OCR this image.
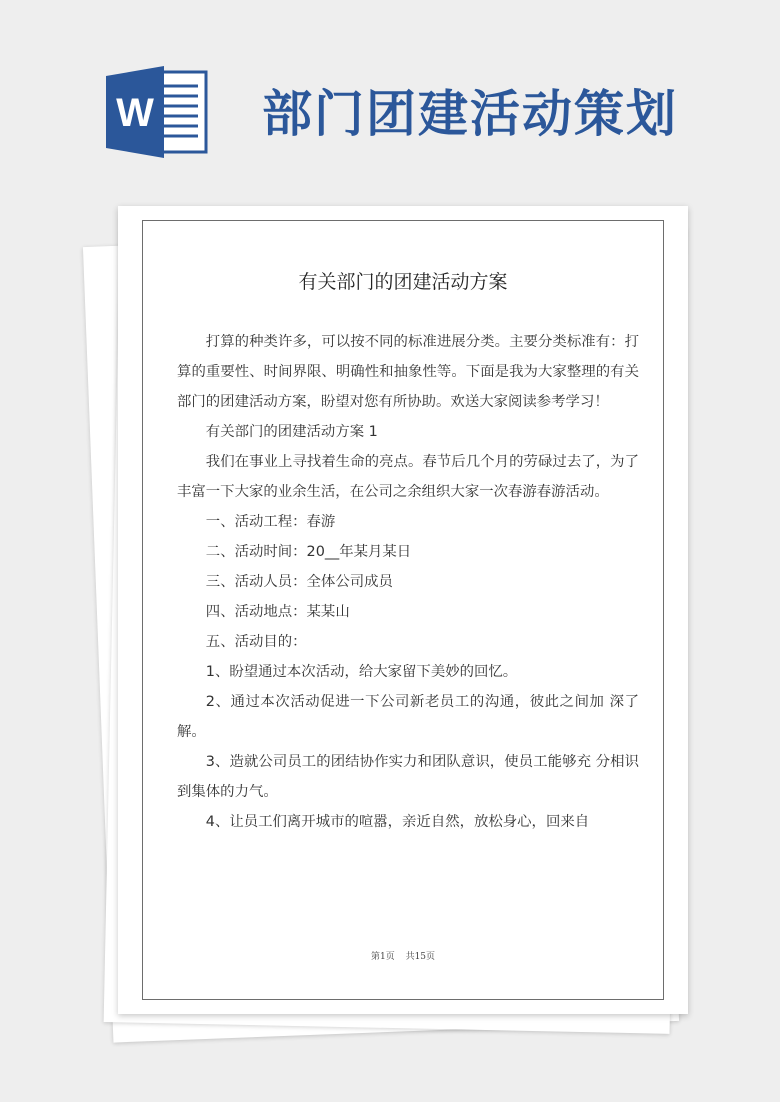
W 部门团建活动策划
有关部门的团建活动方案

打算的种类许多，可以按不同的标准进展分类。主要分类标准有：打算的重要性、时间界限、明确性和抽象性等。下面是我为大家整理的有关部门的团建活动方案，盼望对您有所协助。欢送大家阅读参考学习！

有关部门的团建活动方案 1

我们在事业上寻找着生命的亮点。春节后几个月的劳碌过去了，为了丰富一下大家的业余生活，在公司之余组织大家一次春游春游活动。

一、活动工程：春游

二、活动时间：20__年某月某日

三、活动人员：全体公司成员

四、活动地点：某某山

五、活动目的：

1、盼望通过本次活动，给大家留下美妙的回忆。

2、通过本次活动促进一下公司新老员工的沟通，彼此之间加 深了解。

3、造就公司员工的团结协作实力和团队意识，使员工能够充 分相识到集体的力气。

4、让员工们离开城市的喧嚣，亲近自然，放松身心，回来自

第1页 共15页
